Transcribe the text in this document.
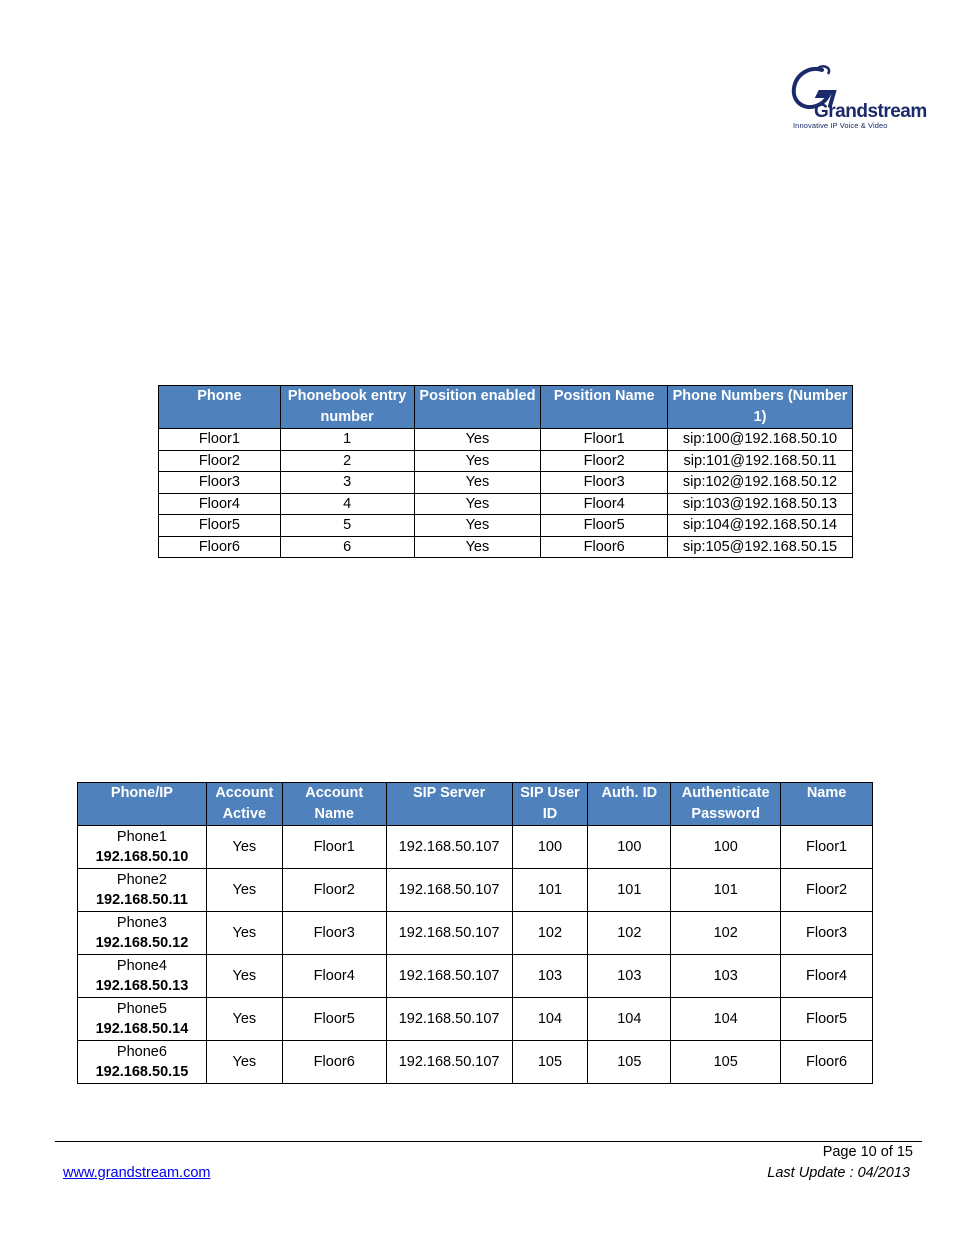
Grandstream
Innovative IP Voice & Video
Phone	Phonebook entry number	Position enabled	Position Name	Phone Numbers (Number 1)
Floor1	1	Yes	Floor1	sip:100@192.168.50.10
Floor2	2	Yes	Floor2	sip:101@192.168.50.11
Floor3	3	Yes	Floor3	sip:102@192.168.50.12
Floor4	4	Yes	Floor4	sip:103@192.168.50.13
Floor5	5	Yes	Floor5	sip:104@192.168.50.14
Floor6	6	Yes	Floor6	sip:105@192.168.50.15
Phone/IP	Account Active	Account Name	SIP Server	SIP User ID	Auth. ID	Authenticate Password	Name

Phone1
192.168.50.10	Yes	Floor1	192.168.50.107	100	100	100	Floor1

Phone2
192.168.50.11	Yes	Floor2	192.168.50.107	101	101	101	Floor2

Phone3
192.168.50.12	Yes	Floor3	192.168.50.107	102	102	102	Floor3

Phone4
192.168.50.13	Yes	Floor4	192.168.50.107	103	103	103	Floor4

Phone5
192.168.50.14	Yes	Floor5	192.168.50.107	104	104	104	Floor5

Phone6
192.168.50.15	Yes	Floor6	192.168.50.107	105	105	105	Floor6
Page 10 of 15
www.grandstream.com	Last Update : 04/2013
